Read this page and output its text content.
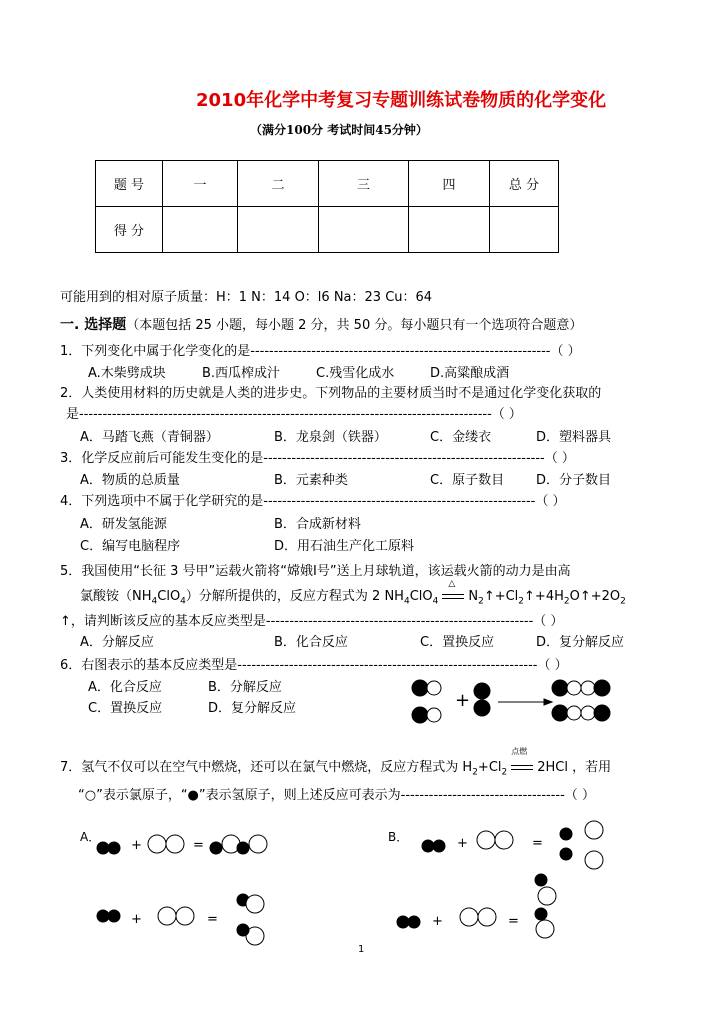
2010年化学中考复习专题训练试卷物质的化学变化
（满分100分 考试时间45分钟）
题 号	一	二	三	四	总 分
得 分					
可能用到的相对原子质量：H：1 N：14 O：l6 Na：23 Cu：64
一. 选择题（本题包括 25 小题，每小题 2 分，共 50 分。每小题只有一个选项符合题意）
1．下列变化中属于化学变化的是----------------------------------------------------------------（ ）
A.木柴劈成块	B.西瓜榨成汁	C.残雪化成水	D.高粱酿成酒
2．人类使用材料的历史就是人类的进步史。下列物品的主要材质当时不是通过化学变化获取的
是----------------------------------------------------------------------------------------（ ）
A．马踏飞燕（青铜器）	B．龙泉剑（铁器）	C．金缕衣	D．塑料器具
3．化学反应前后可能发生变化的是------------------------------------------------------------（ ）
A．物质的总质量	B．元素种类	C．原子数目 D．分子数目
4．下列选项中不属于化学研究的是----------------------------------------------------------（ ）
A．研发氢能源	B．合成新材料
C．编写电脑程序	D．用石油生产化工原料
5．我国使用“长征 3 号甲”运载火箭将“嫦娥Ⅰ号”送上月球轨道，该运载火箭的动力是由高
氯酸铵$(NH_4ClO_4)$分解所提供的，反应方程式为 2 $NH_4ClO_4$
△
$N_2↑+Cl_2↑+4H_2O↑+2O_2$
↑，请判断该反应的基本反应类型是---------------------------------------------------------（ ）
A．分解反应	B．化合反应	C．置换反应	D．复分解反应
6．右图表示的基本反应类型是----------------------------------------------------------------（ ）
A．化合反应	B．分解反应
C．置换反应	D．复分解反应	+
7．氢气不仅可以在空气中燃烧，还可以在氯气中燃烧，反应方程式为 $H_2+Cl_2$
点燃
2HCl ，若用
“○”表示氯原子，“●”表示氢原子，则上述反应可表示为-----------------------------------（ ）
A．
+	=
B．	+	=
+	=	+	=
1
